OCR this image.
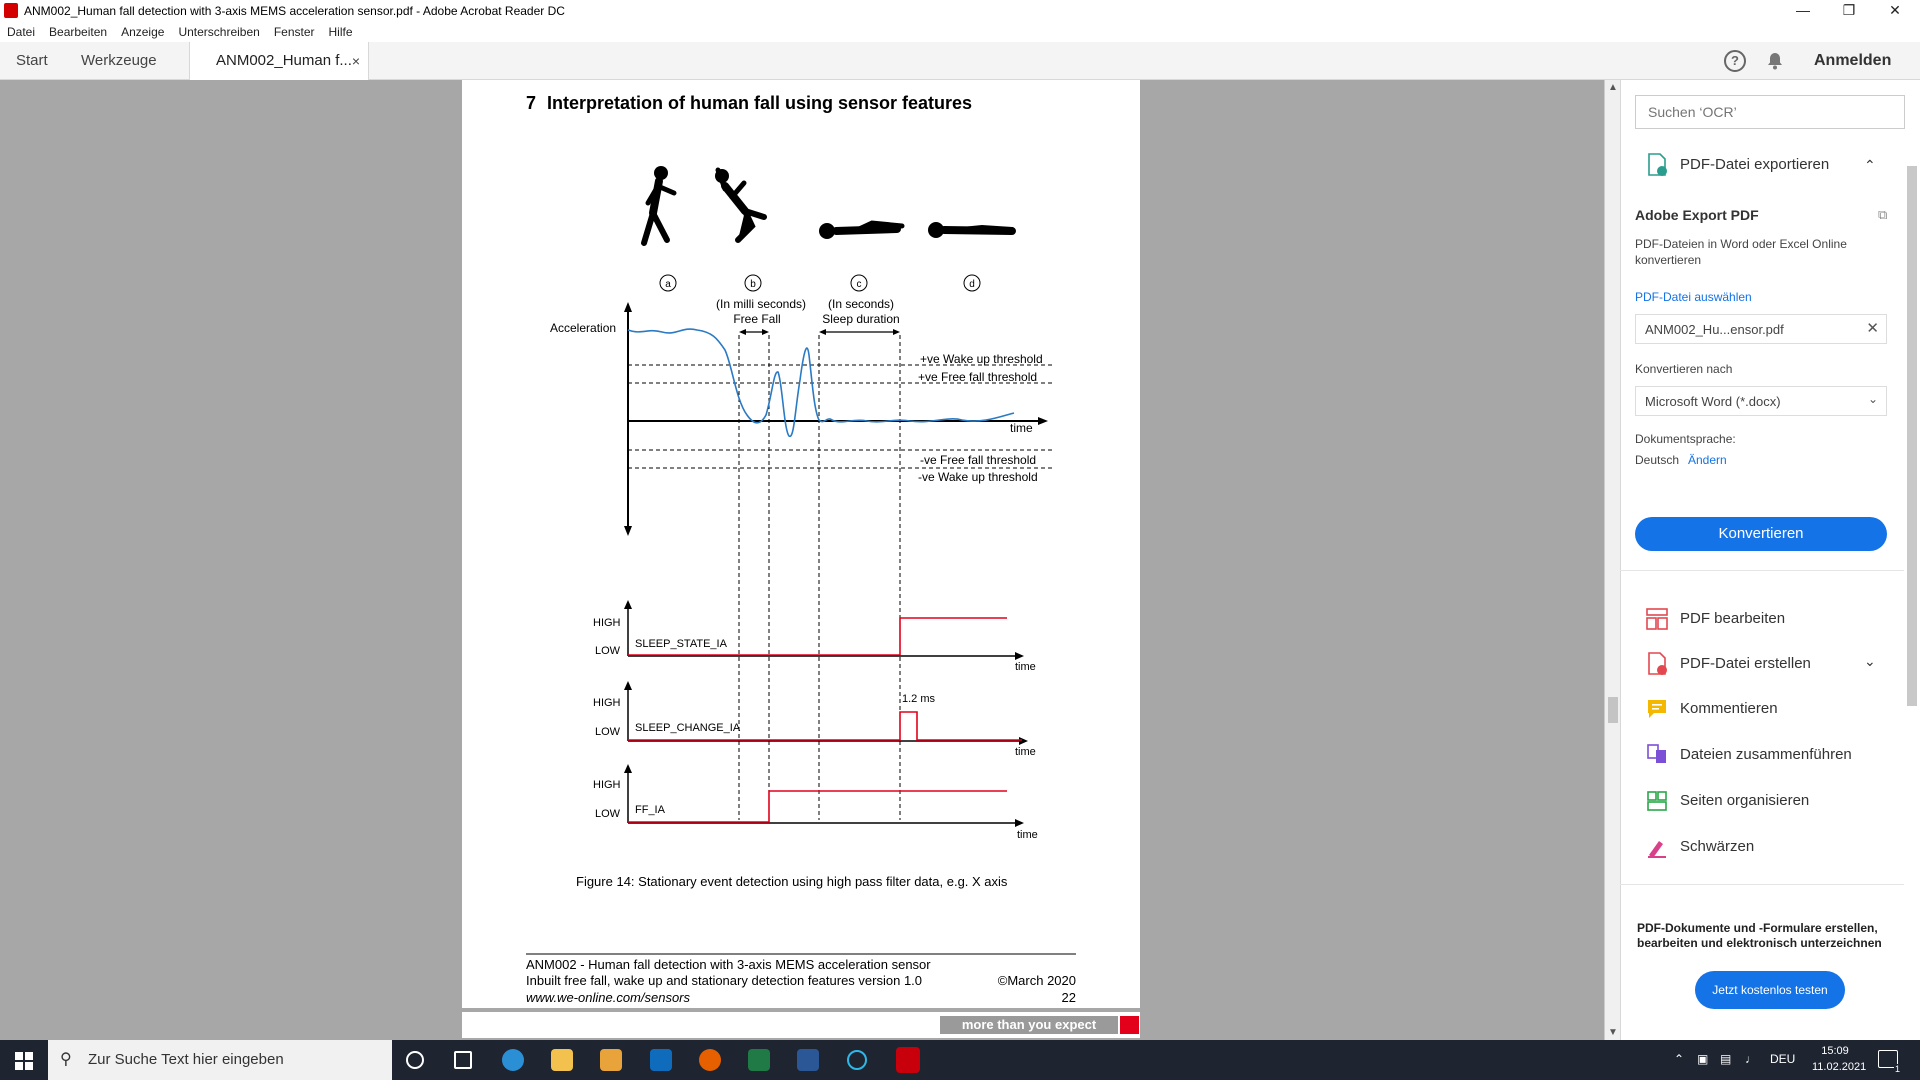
ANM002_Human fall detection with 3-axis MEMS acceleration sensor.pdf - Adobe Acrobat Reader DC	—	❐	✕
Datei Bearbeiten Anzeige Unterschreiben Fenster Hilfe
Start Werkzeuge	ANM002_Human f... ×	?	Anmelden
7 Interpretation of human fall using sensor features
a	b	c	d
(In milli seconds)
Free Fall
(In seconds)
Sleep duration
Acceleration
+ve Wake up threshold
+ve Free fall threshold
time
-ve Free fall threshold
-ve Wake up threshold
HIGH
LOW
SLEEP_STATE_IA
time
HIGH
LOW SLEEP_CHANGE_IA
1.2 ms
time
HIGH
LOW FF_IA
time
Figure 14: Stationary event detection using high pass filter data, e.g. X axis
ANM002 - Human fall detection with 3-axis MEMS acceleration sensor
Inbuilt free fall, wake up and stationary detection features version 1.0
www.we-online.com/sensors
©March 2020
22
more than you expect
▲
▼
Suchen ‘OCR’
PDF-Datei exportieren ⌃
Adobe Export PDF	⧉
PDF-Dateien in Word oder Excel Online konvertieren
PDF-Datei auswählen
ANM002_Hu...ensor.pdf	✕
Konvertieren nach
Microsoft Word (*.docx)	⌄
Dokumentsprache:
Deutsch Ändern
Konvertieren
PDF bearbeiten
PDF-Datei erstellen	⌄
Kommentieren
Dateien zusammenführen
Seiten organisieren
Schwärzen
PDF-Dokumente und -Formulare erstellen, bearbeiten und elektronisch unterzeichnen
Jetzt kostenlos testen
⚲ Zur Suche Text hier eingeben	⌃ ▣ ▤ ♩ DEU
15:09
11.02.2021	1
